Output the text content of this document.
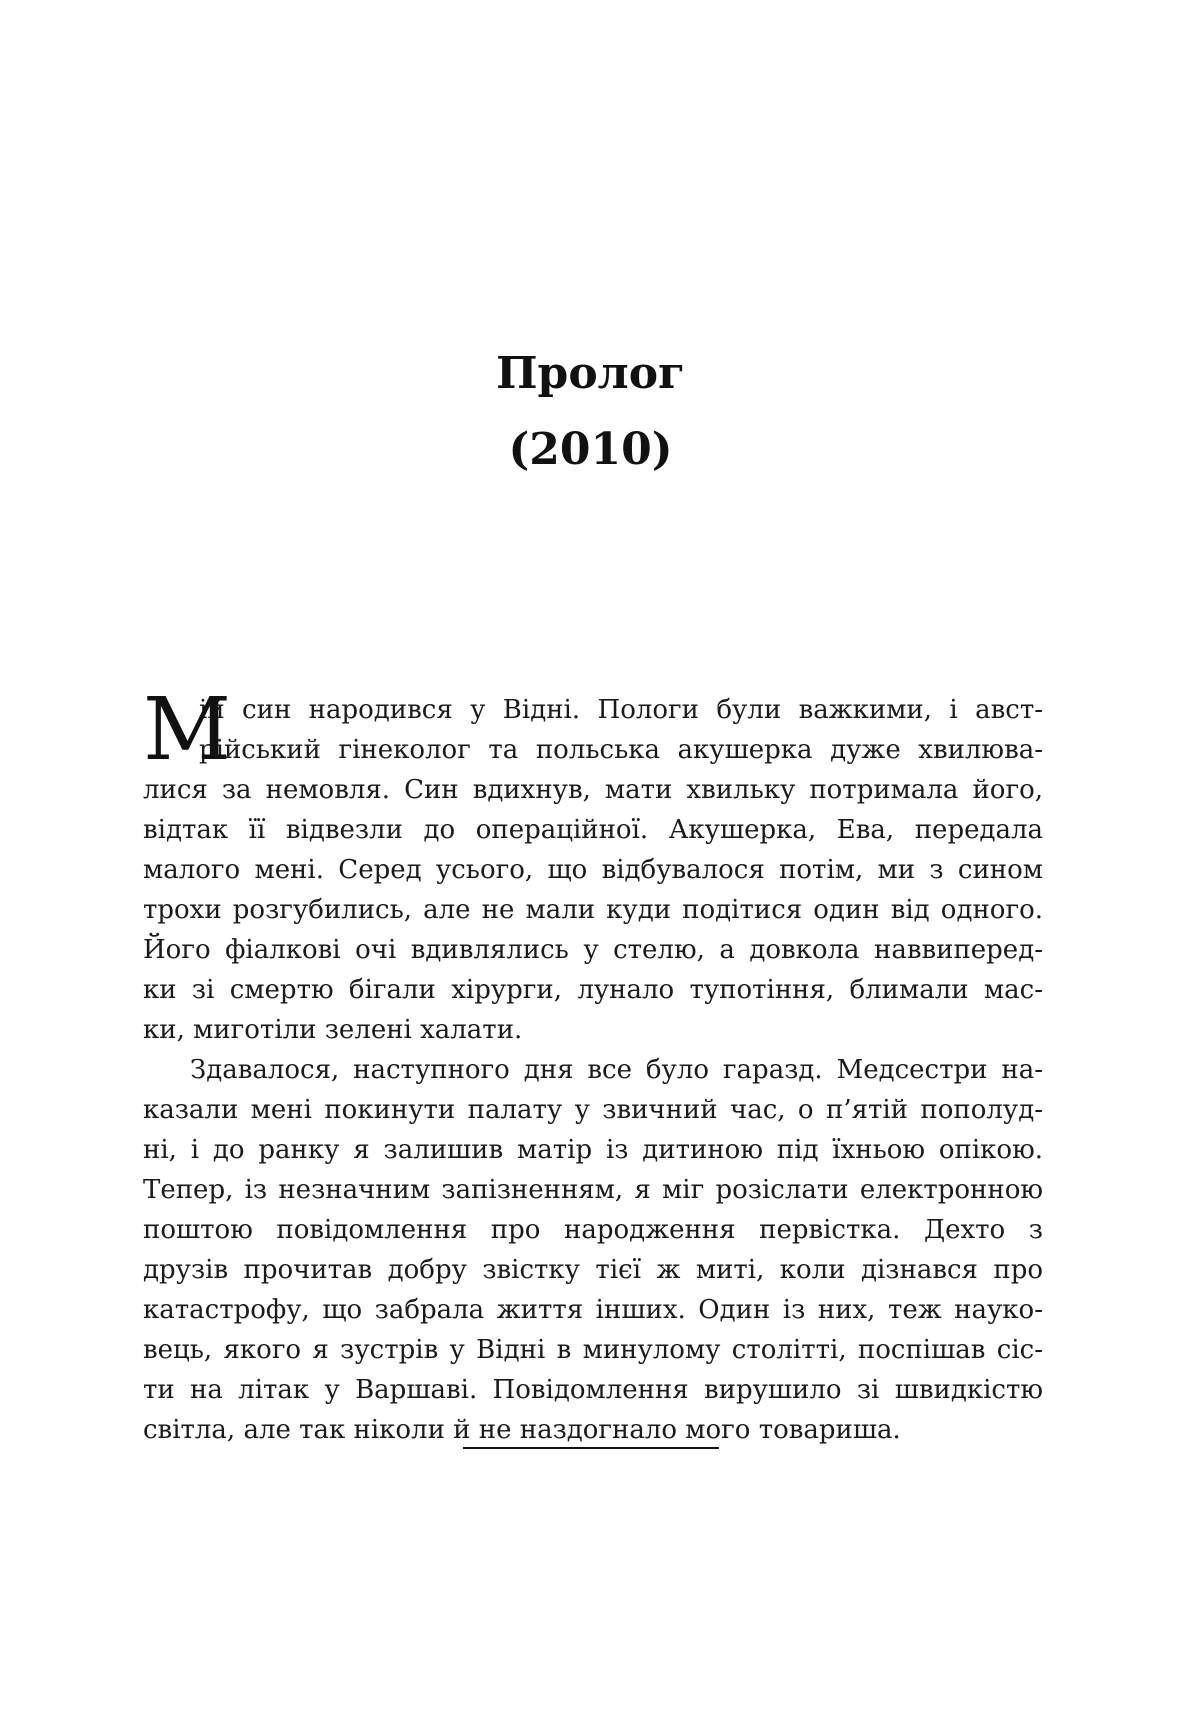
Пролог
(2010)
М
ій син народився у Відні. Пологи були важкими, і авст-
рійський гінеколог та польська акушерка дуже хвилюва-
лися за немовля. Син вдихнув, мати хвильку потримала його,
відтак її відвезли до операційної. Акушерка, Ева, передала
малого мені. Серед усього, що відбувалося потім, ми з сином
трохи розгубились, але не мали куди подітися один від одного.
Його фіалкові очі вдивлялись у стелю, а довкола наввиперед-
ки зі смертю бігали хірурги, лунало тупотіння, блимали мас-
ки, миготіли зелені халати.
Здавалося, наступного дня все було гаразд. Медсестри на-
казали мені покинути палату у звичний час, о п’ятій пополуд-
ні, і до ранку я залишив матір із дитиною під їхньою опікою.
Тепер, із незначним запізненням, я міг розіслати електронною
поштою повідомлення про народження первістка. Дехто з
друзів прочитав добру звістку тієї ж миті, коли дізнався про
катастрофу, що забрала життя інших. Один із них, теж науко-
вець, якого я зустрів у Відні в минулому столітті, поспішав сіс-
ти на літак у Варшаві. Повідомлення вирушило зі швидкістю
світла, але так ніколи й не наздогнало мого товариша.
